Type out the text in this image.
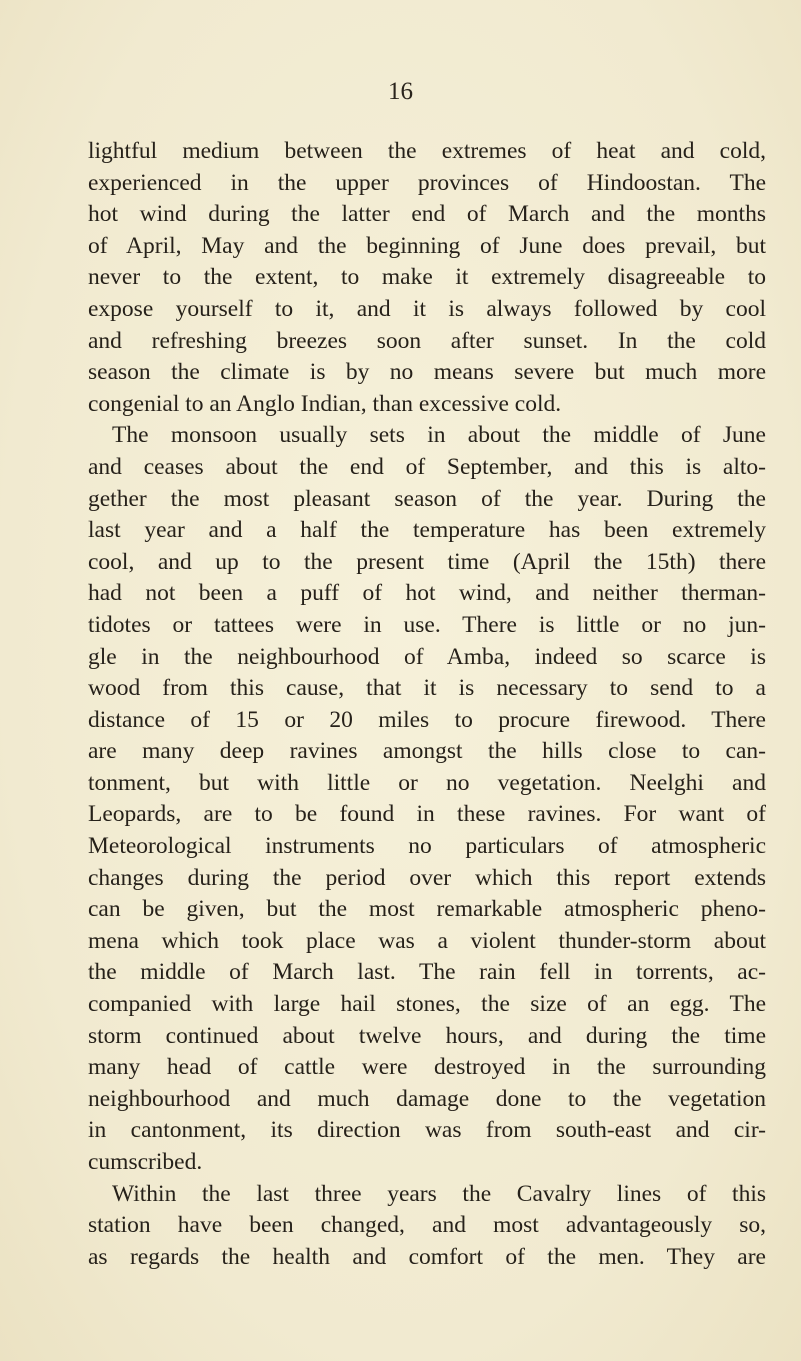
16

lightful medium between the extremes of heat and cold,
experienced in the upper provinces of Hindoostan. The
hot wind during the latter end of March and the months
of April, May and the beginning of June does prevail, but
never to the extent, to make it extremely disagreeable to
expose yourself to it, and it is always followed by cool
and refreshing breezes soon after sunset. In the cold
season the climate is by no means severe but much more
congenial to an Anglo Indian, than excessive cold.
The monsoon usually sets in about the middle of June
and ceases about the end of September, and this is alto-
gether the most pleasant season of the year. During the
last year and a half the temperature has been extremely
cool, and up to the present time (April the 15th) there
had not been a puff of hot wind, and neither therman-
tidotes or tattees were in use. There is little or no jun-
gle in the neighbourhood of Amba, indeed so scarce is
wood from this cause, that it is necessary to send to a
distance of 15 or 20 miles to procure firewood. There
are many deep ravines amongst the hills close to can-
tonment, but with little or no vegetation. Neelghi and
Leopards, are to be found in these ravines. For want of
Meteorological instruments no particulars of atmospheric
changes during the period over which this report extends
can be given, but the most remarkable atmospheric pheno-
mena which took place was a violent thunder-storm about
the middle of March last. The rain fell in torrents, ac-
companied with large hail stones, the size of an egg. The
storm continued about twelve hours, and during the time
many head of cattle were destroyed in the surrounding
neighbourhood and much damage done to the vegetation
in cantonment, its direction was from south-east and cir-
cumscribed.
Within the last three years the Cavalry lines of this
station have been changed, and most advantageously so,
as regards the health and comfort of the men. They are
